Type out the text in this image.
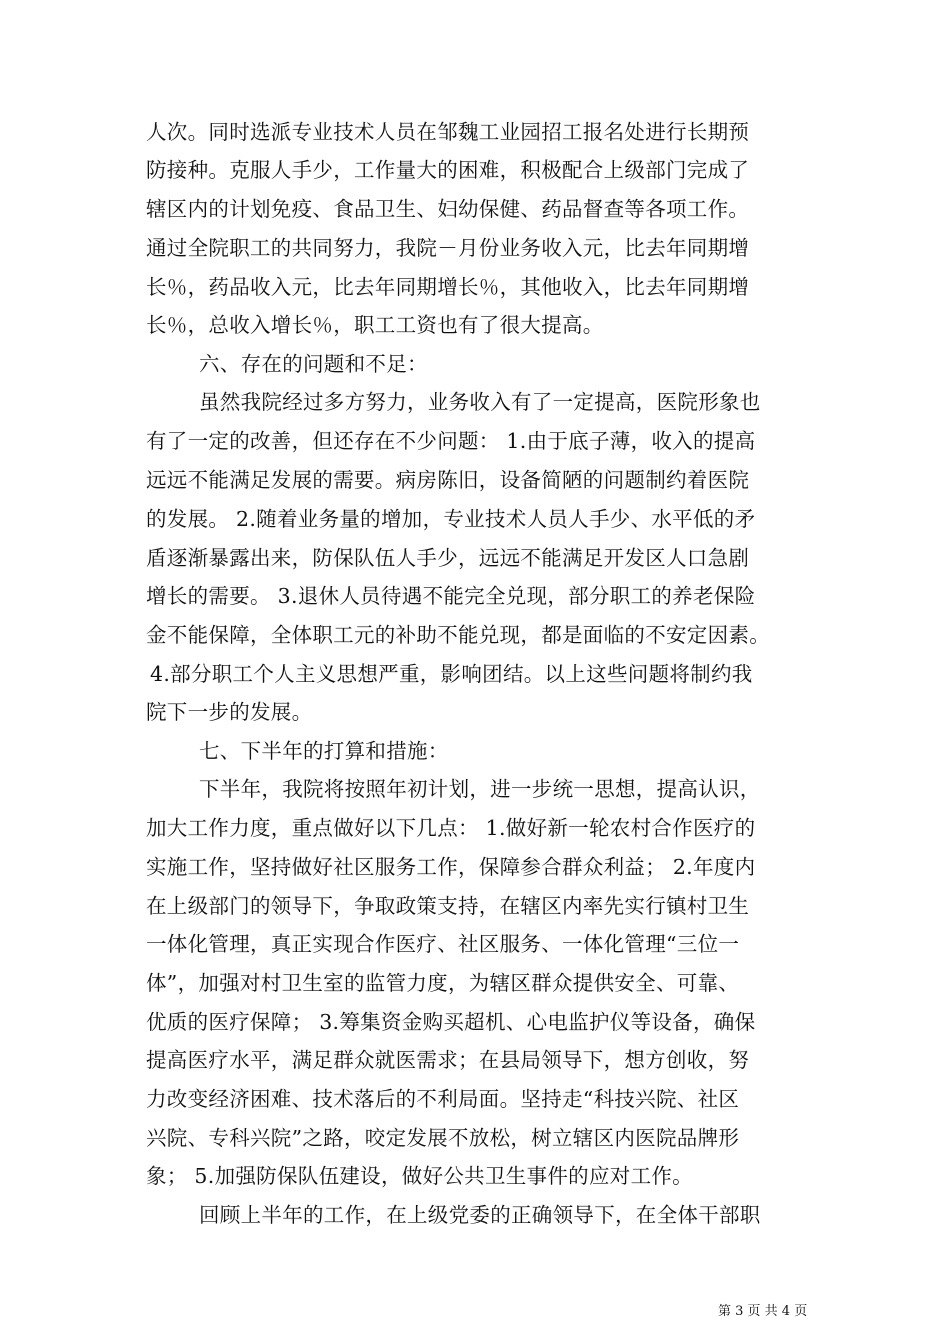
人次。同时选派专业技术人员在邹魏工业园招工报名处进行长期预

防接种。克服人手少，工作量大的困难，积极配合上级部门完成了

辖区内的计划免疫、食品卫生、妇幼保健、药品督查等各项工作。

通过全院职工的共同努力，我院－月份业务收入元，比去年同期增

长％，药品收入元，比去年同期增长％，其他收入，比去年同期增

长％，总收入增长％，职工工资也有了很大提高。

六、存在的问题和不足：

虽然我院经过多方努力，业务收入有了一定提高，医院形象也

有了一定的改善，但还存在不少问题： 1.由于底子薄，收入的提高

远远不能满足发展的需要。病房陈旧，设备简陋的问题制约着医院

的发展。 2.随着业务量的增加，专业技术人员人手少、水平低的矛

盾逐渐暴露出来，防保队伍人手少，远远不能满足开发区人口急剧

增长的需要。 3.退休人员待遇不能完全兑现，部分职工的养老保险

金不能保障，全体职工元的补助不能兑现，都是面临的不安定因素。

4.部分职工个人主义思想严重，影响团结。以上这些问题将制约我

院下一步的发展。

七、下半年的打算和措施：

下半年，我院将按照年初计划，进一步统一思想，提高认识，

加大工作力度，重点做好以下几点： 1.做好新一轮农村合作医疗的

实施工作，坚持做好社区服务工作，保障参合群众利益； 2.年度内

在上级部门的领导下，争取政策支持，在辖区内率先实行镇村卫生

一体化管理，真正实现合作医疗、社区服务、一体化管理“三位一

体”，加强对村卫生室的监管力度，为辖区群众提供安全、可靠、

优质的医疗保障； 3.筹集资金购买超机、心电监护仪等设备，确保

提高医疗水平，满足群众就医需求；在县局领导下，想方创收，努

力改变经济困难、技术落后的不利局面。坚持走“科技兴院、社区

兴院、专科兴院”之路，咬定发展不放松，树立辖区内医院品牌形

象； 5.加强防保队伍建设，做好公共卫生事件的应对工作。

回顾上半年的工作，在上级党委的正确领导下，在全体干部职

第 3 页 共 4 页
